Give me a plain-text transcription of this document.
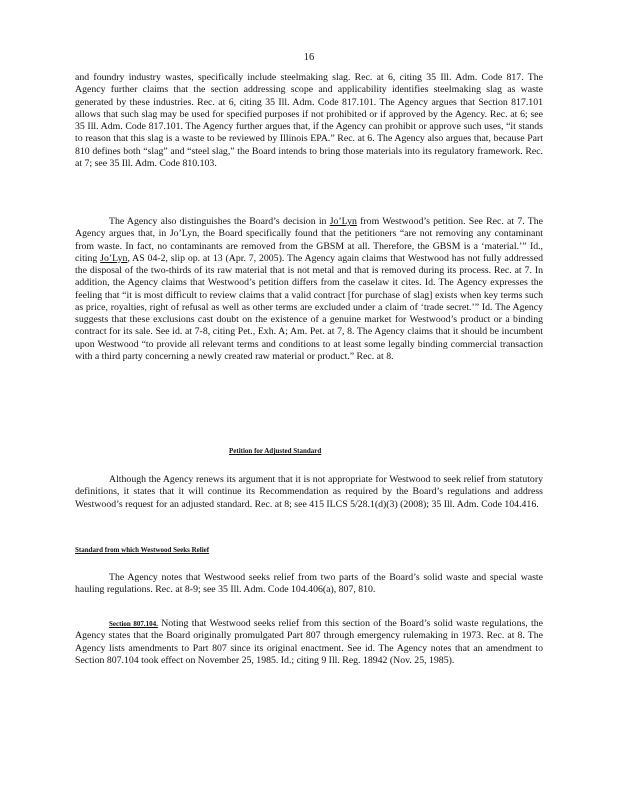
16

and foundry industry wastes, specifically include steelmaking slag. Rec. at 6, citing 35 Ill. Adm. Code 817. The Agency further claims that the section addressing scope and applicability identifies steelmaking slag as waste generated by these industries. Rec. at 6, citing 35 Ill. Adm. Code 817.101. The Agency argues that Section 817.101 allows that such slag may be used for specified purposes if not prohibited or if approved by the Agency. Rec. at 6; see 35 Ill. Adm. Code 817.101. The Agency further argues that, if the Agency can prohibit or approve such uses, “it stands to reason that this slag is a waste to be reviewed by Illinois EPA.” Rec. at 6. The Agency also argues that, because Part 810 defines both “slag” and “steel slag,” the Board intends to bring those materials into its regulatory framework. Rec. at 7; see 35 Ill. Adm. Code 810.103.

The Agency also distinguishes the Board’s decision in Jo’Lyn from Westwood’s petition. See Rec. at 7. The Agency argues that, in Jo’Lyn, the Board specifically found that the petitioners “are not removing any contaminant from waste. In fact, no contaminants are removed from the GBSM at all. Therefore, the GBSM is a ‘material.’” Id., citing Jo’Lyn, AS 04-2, slip op. at 13 (Apr. 7, 2005). The Agency again claims that Westwood has not fully addressed the disposal of the two-thirds of its raw material that is not metal and that is removed during its process. Rec. at 7. In addition, the Agency claims that Westwood’s petition differs from the caselaw it cites. Id. The Agency expresses the feeling that “it is most difficult to review claims that a valid contract [for purchase of slag] exists when key terms such as price, royalties, right of refusal as well as other terms are excluded under a claim of ‘trade secret.’” Id. The Agency suggests that these exclusions cast doubt on the existence of a genuine market for Westwood’s product or a binding contract for its sale. See id. at 7-8, citing Pet., Exh. A; Am. Pet. at 7, 8. The Agency claims that it should be incumbent upon Westwood “to provide all relevant terms and conditions to at least some legally binding commercial transaction with a third party concerning a newly created raw material or product.” Rec. at 8.

Petition for Adjusted Standard

Although the Agency renews its argument that it is not appropriate for Westwood to seek relief from statutory definitions, it states that it will continue its Recommendation as required by the Board’s regulations and address Westwood’s request for an adjusted standard. Rec. at 8; see 415 ILCS 5/28.1(d)(3) (2008); 35 Ill. Adm. Code 104.416.

Standard from which Westwood Seeks Relief

The Agency notes that Westwood seeks relief from two parts of the Board’s solid waste and special waste hauling regulations. Rec. at 8-9; see 35 Ill. Adm. Code 104.406(a), 807, 810.

Section 807.104. Noting that Westwood seeks relief from this section of the Board’s solid waste regulations, the Agency states that the Board originally promulgated Part 807 through emergency rulemaking in 1973. Rec. at 8. The Agency lists amendments to Part 807 since its original enactment. See id. The Agency notes that an amendment to Section 807.104 took effect on November 25, 1985. Id.; citing 9 Ill. Reg. 18942 (Nov. 25, 1985).
